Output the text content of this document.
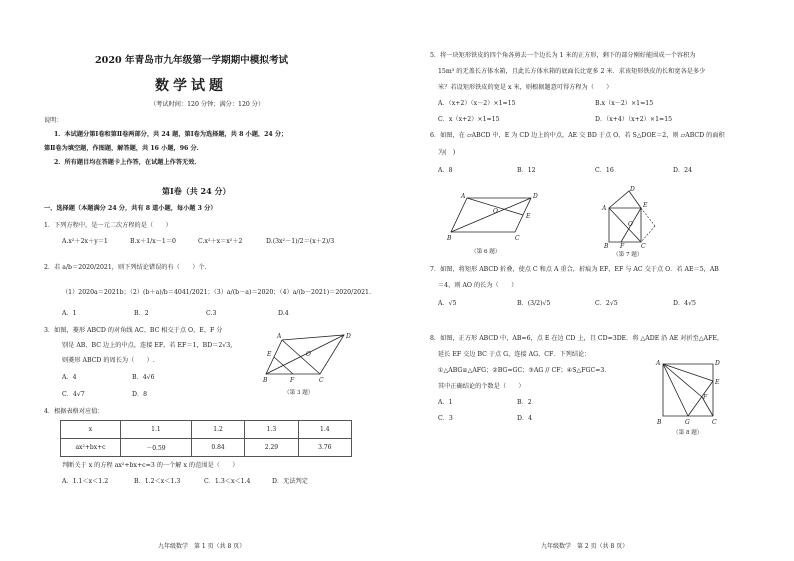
2020 年青岛市九年级第一学期期中模拟考试
数学试题
（考试时间：120 分钟；满分：120 分）
说明：
1．本试题分第Ⅰ卷和第Ⅱ卷两部分，共 24 题，第Ⅰ卷为选择题，共 8 小题，24 分；
第Ⅱ卷为填空题，作图题，解答题，共 16 小题，96 分．
2．所有题目均在答题卡上作答，在试题上作答无效．
第Ⅰ卷（共 24 分）
一、选择题（本题满分 24 分，共有 8 道小题，每小题 3 分）
1．下列方程中，是一元二次方程的是（　　）
A.x²＋2x＋y＝1	B.x＋1/x－1＝0	C.x²＋x＝x²＋2	D.(3x²－1)/2＝(x＋2)/3
2．若 a/b＝2020/2021，则下列结论错误的有（　　）个.
（1）2020a＝2021b；（2）(b＋a)/b＝4041/2021；（3）a/(b－a)＝2020；（4）a/(b－2021)＝2020/2021.
A．1	B．2	C.3	D.4
3．如图，菱形 ABCD 的对角线 AC、BC 相交于点 O，E、F 分
别是 AB、BC 边上的中点，连接 EF，若 EF＝1，BD＝2√3，
则菱形 ABCD 的周长为（　　）.
A．4	B．4√6
C．4√7	D．8
A	D
B	C
E
F
O
（第 3 题）
4．根据表格对应值：
x	1.1	1.2	1.3	1.4
ax²+bx+c	－0.59	0.84	2.29	3.76
判断关于 x 的方程 ax²+bx+c=3 的一个解 x 的范围是（　　）
A．1.1＜x＜1.2	B．1.2＜x＜1.3	C．1.3＜x＜1.4	D．无法判定
九年级数学　第 1 页（共 8 页）
5．将一块矩形铁皮的四个角各剪去一个边长为 1 米的正方形，剩下的部分刚好能围成一个容积为
15m³ 的无盖长方体水箱，且此长方体水箱的底面长比宽多 2 米．求该矩形铁皮的长和宽各是多少
米？若设矩形铁皮的宽是 x 米，则根据题意可得方程为（　　）
A．（x+2）（x－2）×1=15	B.x（x－2）×1=15
C．x（x+2）×1=15	D．（x+4）（x+2）×1=15
6．如图，在 ▱ABCD 中，E 为 CD 边上的中点，AE 交 BD 于点 O，若 S△DOE＝2，则 ▱ABCD 的面积
为(　)
A．8	B．12	C．16	D．24
A	D
B	C
E
O
（第 6 题）
A
D
E
B F	C
O
（第 7 题）
7．如图，将矩形 ABCD 折叠，使点 C 和点 A 重合，折痕为 EF，EF 与 AC 交于点 O．若 AE＝5，AB
＝4，则 AO 的长为（　　）
A．√5	B．(3/2)√5	C．2√5	D．4√5
8．如图，正方形 ABCD 中，AB=6，点 E 在边 CD 上，且 CD=3DE．将 △ADE 沿 AE 对折至△AFE，
延长 EF 交边 BC 于点 G，连接 AG、CF．下列结论：
①△ABG≌△AFG；②BG=GC；③AG // CF；④S△FGC=3．
其中正确结论的个数是（　　）
A．1	B．2
C．3	D．4
A	D
E
F
B	G	C
（第 8 题）
九年级数学　第 2 页（共 8 页）
